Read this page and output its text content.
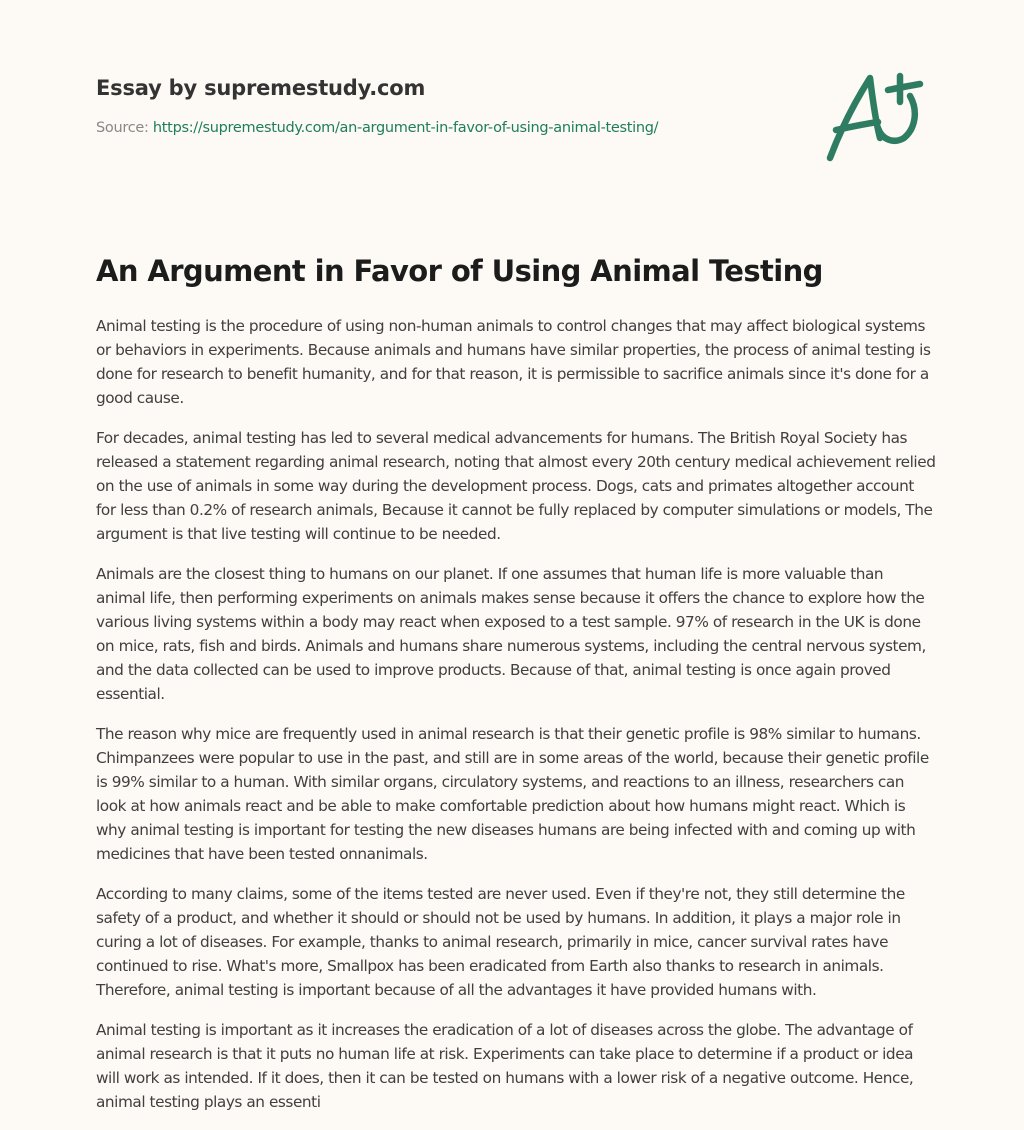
Essay by supremestudy.com
Source: https://supremestudy.com/an-argument-in-favor-of-using-animal-testing/
An Argument in Favor of Using Animal Testing

Animal testing is the procedure of using non-human animals to control changes that may affect biological systems or behaviors in experiments. Because animals and humans have similar properties, the process of animal testing is done for research to benefit humanity, and for that reason, it is permissible to sacrifice animals since it's done for a good cause.

For decades, animal testing has led to several medical advancements for humans. The British Royal Society has released a statement regarding animal research, noting that almost every 20th century medical achievement relied on the use of animals in some way during the development process. Dogs, cats and primates altogether account for less than 0.2% of research animals, Because it cannot be fully replaced by computer simulations or models, The argument is that live testing will continue to be needed.

Animals are the closest thing to humans on our planet. If one assumes that human life is more valuable than animal life, then performing experiments on animals makes sense because it offers the chance to explore how the various living systems within a body may react when exposed to a test sample. 97% of research in the UK is done on mice, rats, fish and birds. Animals and humans share numerous systems, including the central nervous system, and the data collected can be used to improve products. Because of that, animal testing is once again proved essential.

The reason why mice are frequently used in animal research is that their genetic profile is 98% similar to humans. Chimpanzees were popular to use in the past, and still are in some areas of the world, because their genetic profile is 99% similar to a human. With similar organs, circulatory systems, and reactions to an illness, researchers can look at how animals react and be able to make comfortable prediction about how humans might react. Which is why animal testing is important for testing the new diseases humans are being infected with and coming up with medicines that have been tested onnanimals.

According to many claims, some of the items tested are never used. Even if they're not, they still determine the safety of a product, and whether it should or should not be used by humans. In addition, it plays a major role in curing a lot of diseases. For example, thanks to animal research, primarily in mice, cancer survival rates have continued to rise. What's more, Smallpox has been eradicated from Earth also thanks to research in animals. Therefore, animal testing is important because of all the advantages it have provided humans with.

Animal testing is important as it increases the eradication of a lot of diseases across the globe. The advantage of animal research is that it puts no human life at risk. Experiments can take place to determine if a product or idea will work as intended. If it does, then it can be tested on humans with a lower risk of a negative outcome. Hence, animal testing plays an essenti
